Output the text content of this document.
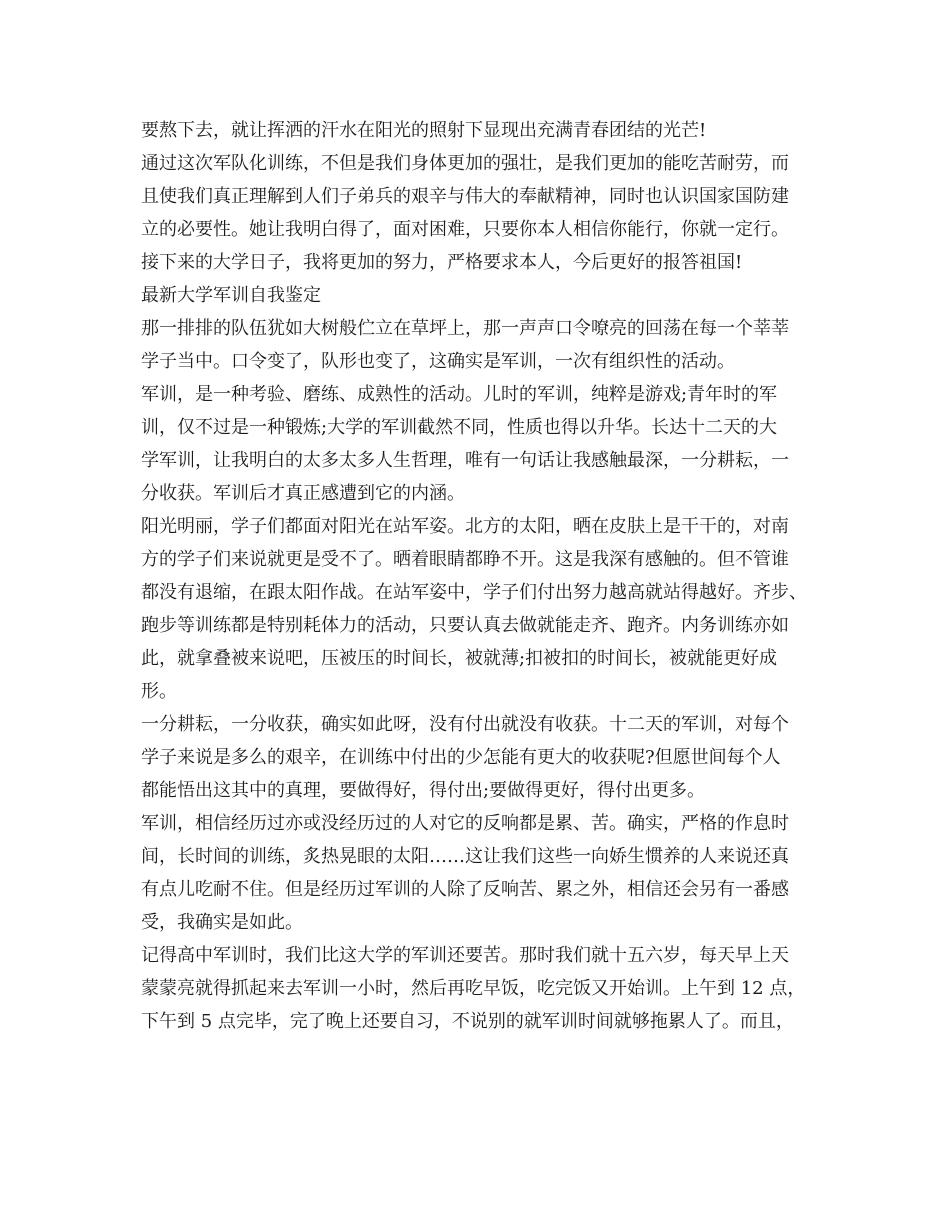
要熬下去，就让挥洒的汗水在阳光的照射下显现出充满青春团结的光芒!

通过这次军队化训练，不但是我们身体更加的强壮，是我们更加的能吃苦耐劳，而
且使我们真正理解到人们子弟兵的艰辛与伟大的奉献精神，同时也认识国家国防建
立的必要性。她让我明白得了，面对困难，只要你本人相信你能行，你就一定行。

接下来的大学日子，我将更加的努力，严格要求本人，今后更好的报答祖国!

最新大学军训自我鉴定

那一排排的队伍犹如大树般伫立在草坪上，那一声声口令嘹亮的回荡在每一个莘莘
学子当中。口令变了，队形也变了，这确实是军训，一次有组织性的活动。

军训，是一种考验、磨练、成熟性的活动。儿时的军训，纯粹是游戏;青年时的军
训，仅不过是一种锻炼;大学的军训截然不同，性质也得以升华。长达十二天的大
学军训，让我明白的太多太多人生哲理，唯有一句话让我感触最深，一分耕耘，一
分收获。军训后才真正感遭到它的内涵。

阳光明丽，学子们都面对阳光在站军姿。北方的太阳，晒在皮肤上是干干的，对南
方的学子们来说就更是受不了。晒着眼睛都睁不开。这是我深有感触的。但不管谁
都没有退缩，在跟太阳作战。在站军姿中，学子们付出努力越高就站得越好。齐步、
跑步等训练都是特别耗体力的活动，只要认真去做就能走齐、跑齐。内务训练亦如
此，就拿叠被来说吧，压被压的时间长，被就薄;扣被扣的时间长，被就能更好成
形。

一分耕耘，一分收获，确实如此呀，没有付出就没有收获。十二天的军训，对每个
学子来说是多么的艰辛，在训练中付出的少怎能有更大的收获呢?但愿世间每个人
都能悟出这其中的真理，要做得好，得付出;要做得更好，得付出更多。

军训，相信经历过亦或没经历过的人对它的反响都是累、苦。确实，严格的作息时
间，长时间的训练，炙热晃眼的太阳……这让我们这些一向娇生惯养的人来说还真
有点儿吃耐不住。但是经历过军训的人除了反响苦、累之外，相信还会另有一番感
受，我确实是如此。

记得高中军训时，我们比这大学的军训还要苦。那时我们就十五六岁，每天早上天
蒙蒙亮就得抓起来去军训一小时，然后再吃早饭，吃完饭又开始训。上午到 12 点，
下午到 5 点完毕，完了晚上还要自习，不说别的就军训时间就够拖累人了。而且，
